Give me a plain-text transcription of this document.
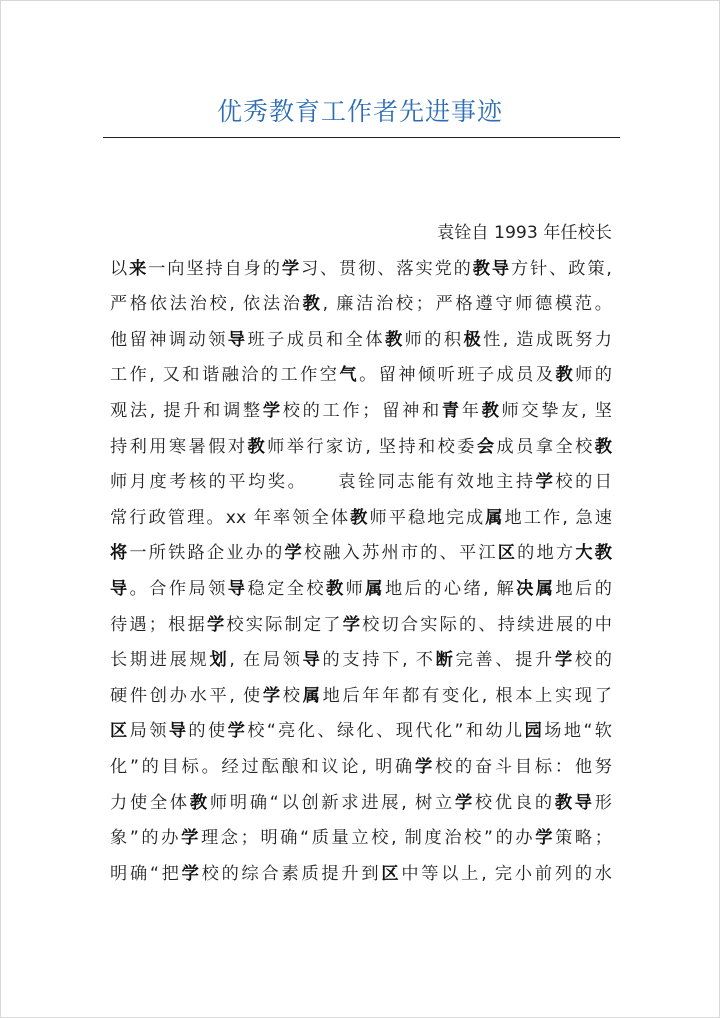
优秀教育工作者先进事迹
袁铨自 1993 年任校长
以来一向坚持自身的学习、贯彻、落实党的教导方针、政策,
严格依法治校, 依法治教, 廉洁治校；严格遵守师德模范。
他留神调动领导班子成员和全体教师的积极性, 造成既努力
工作, 又和谐融洽的工作空气。留神倾听班子成员及教师的
观法, 提升和调整学校的工作；留神和青年教师交挚友, 坚
持利用寒暑假对教师举行家访, 坚持和校委会成员拿全校教
师月度考核的平均奖。　　袁铨同志能有效地主持学校的日
常行政管理。xx 年率领全体教师平稳地完成属地工作, 急速
将一所铁路企业办的学校融入苏州市的、平江区的地方大教
导。合作局领导稳定全校教师属地后的心绪, 解决属地后的
待遇；根据学校实际制定了学校切合实际的、持续进展的中
长期进展规划, 在局领导的支持下, 不断完善、提升学校的
硬件创办水平, 使学校属地后年年都有变化, 根本上实现了
区局领导的使学校“亮化、绿化、现代化”和幼儿园场地“软
化”的目标。经过酝酿和议论, 明确学校的奋斗目标：他努
力使全体教师明确“以创新求进展, 树立学校优良的教导形
象”的办学理念；明确“质量立校, 制度治校”的办学策略；
明确“把学校的综合素质提升到区中等以上, 完小前列的水
